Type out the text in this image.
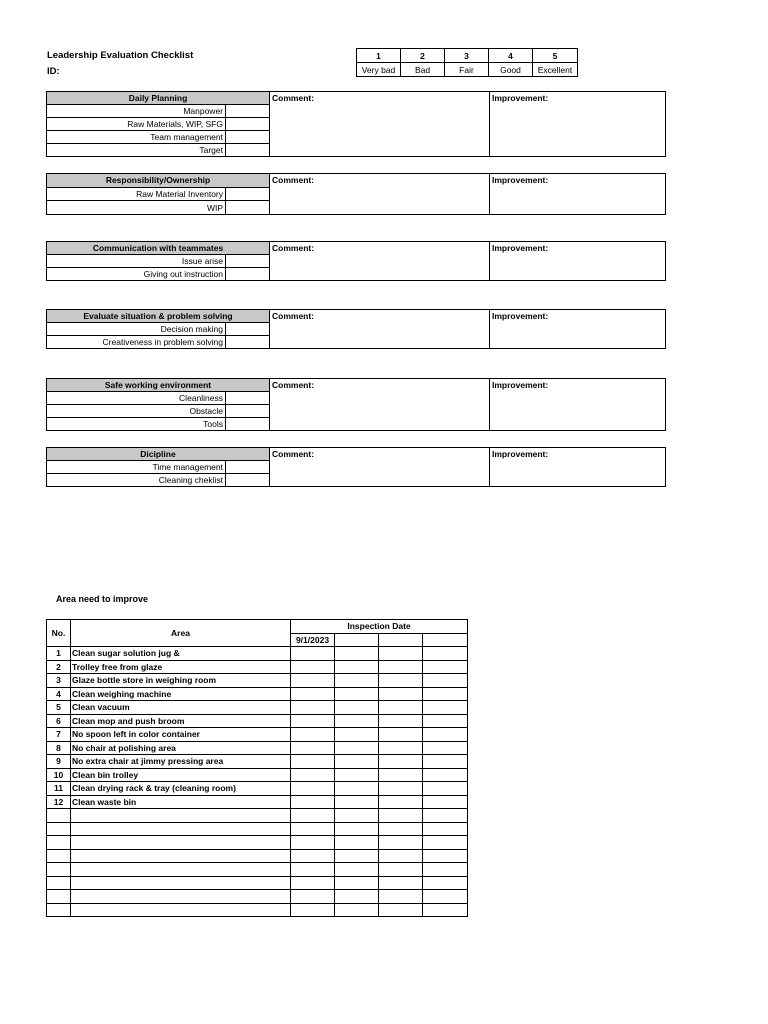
Leadership Evaluation Checklist
ID:
1	2	3	4	5
Very bad	Bad	Fair	Good	Excellent
Daily Planning		Comment:	Improvement:
Manpower			
Raw Materials, WIP, SFG			
Team management			
Target			
Responsibility/Ownership		Comment:	Improvement:
Raw Material Inventory			
WIP			
Communication with teammates		Comment:	Improvement:
Issue arise			
Giving out instruction			
Evaluate situation & problem solving		Comment:	Improvement:
Decision making			
Creativeness in problem solving			
Safe working environment		Comment:	Improvement:
Cleanliness			
Obstacle			
Tools			
Dicipline		Comment:	Improvement:
Time management			
Cleaning cheklist			
Area need to improve
No.	Area	Inspection Date			
		9/1/2023			
1	Clean sugar solution jug &				
2	Trolley free from glaze				
3	Glaze bottle store in weighing room				
4	Clean weighing machine				
5	Clean vacuum				
6	Clean mop and push broom				
7	No spoon left in color container				
8	No chair at polishing area				
9	No extra chair at jimmy pressing area				
10	Clean bin trolley				
11	Clean drying rack & tray (cleaning room)				
12	Clean waste bin				
